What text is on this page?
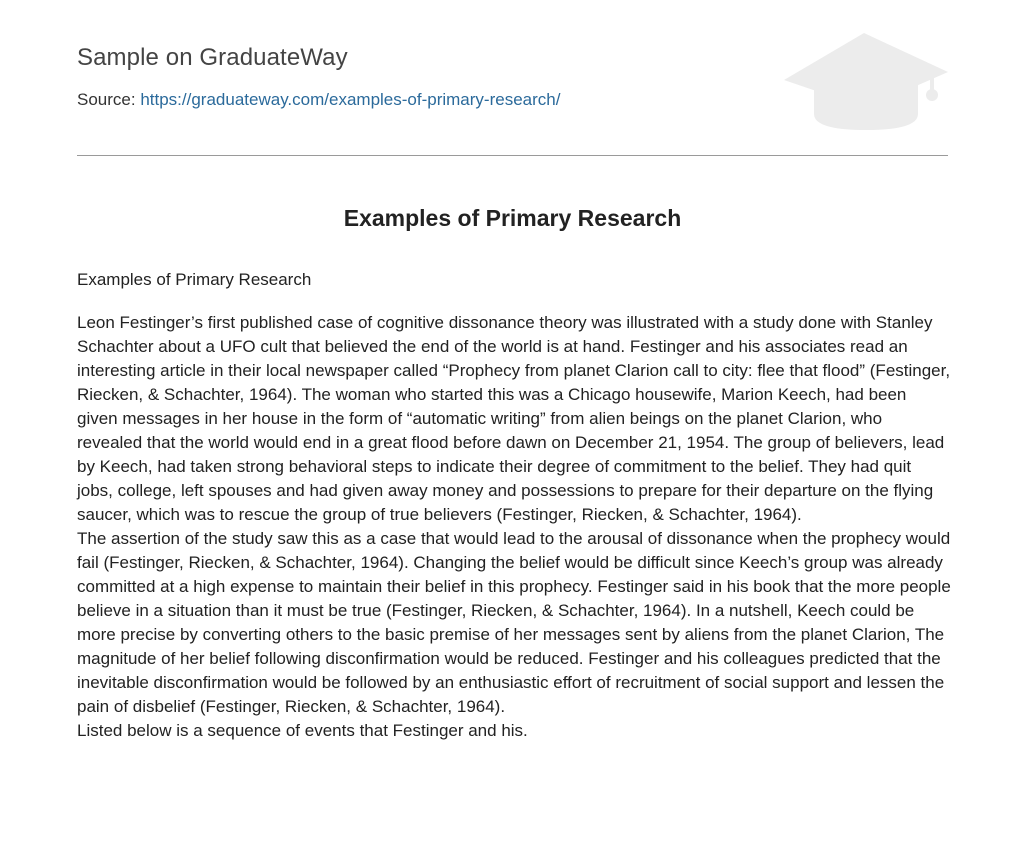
Sample on GraduateWay
Source: https://graduateway.com/examples-of-primary-research/
Examples of Primary Research

Examples of Primary Research

Leon Festinger’s first published case of cognitive dissonance theory was illustrated with a study done with Stanley Schachter about a UFO cult that believed the end of the world is at hand. Festinger and his associates read an interesting article in their local newspaper called “Prophecy from planet Clarion call to city: flee that flood” (Festinger, Riecken, & Schachter, 1964). The woman who started this was a Chicago housewife, Marion Keech, had been given messages in her house in the form of “automatic writing” from alien beings on the planet Clarion, who revealed that the world would end in a great flood before dawn on December 21, 1954. The group of believers, lead by Keech, had taken strong behavioral steps to indicate their degree of commitment to the belief. They had quit jobs, college, left spouses and had given away money and possessions to prepare for their departure on the flying saucer, which was to rescue the group of true believers (Festinger, Riecken, & Schachter, 1964).

The assertion of the study saw this as a case that would lead to the arousal of dissonance when the prophecy would fail (Festinger, Riecken, & Schachter, 1964). Changing the belief would be difficult since Keech’s group was already committed at a high expense to maintain their belief in this prophecy. Festinger said in his book that the more people believe in a situation than it must be true (Festinger, Riecken, & Schachter, 1964). In a nutshell, Keech could be more precise by converting others to the basic premise of her messages sent by aliens from the planet Clarion, The magnitude of her belief following disconfirmation would be reduced. Festinger and his colleagues predicted that the inevitable disconfirmation would be followed by an enthusiastic effort of recruitment of social support and lessen the pain of disbelief (Festinger, Riecken, & Schachter, 1964).

Listed below is a sequence of events that Festinger and his.
